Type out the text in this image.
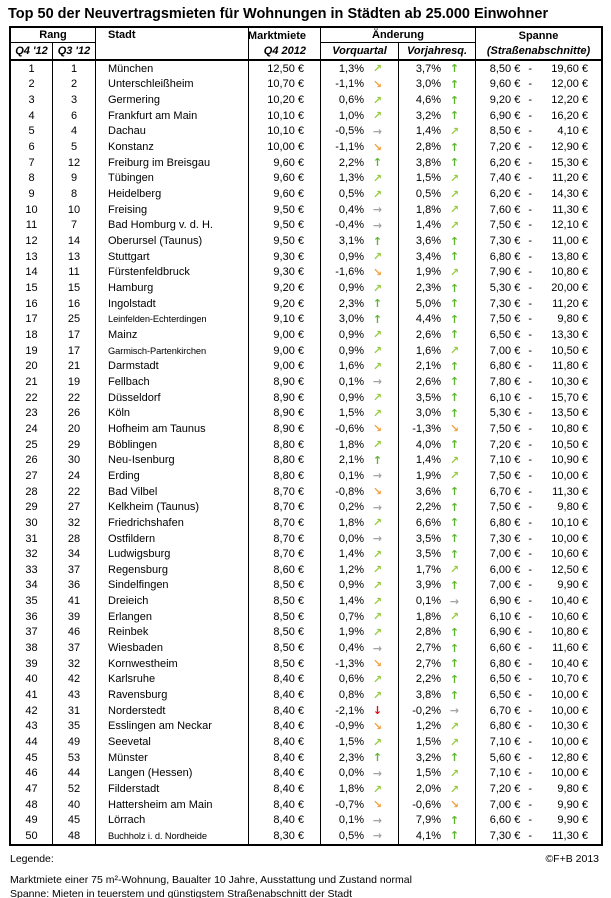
Top 50 der Neuvertragsmieten für Wohnungen in Städten ab 25.000 Einwohner
Rang	Stadt	Marktmiete	Änderung	Spanne
Q4 '12 Q3 '12	Q4 2012	Vorquartal	Vorjahresq.	(Straßenabschnitte)
1	1	München	12,50 €	1,3% ↗	3,7% ↑	8,50 € -	19,60 €
2	2	Unterschleißheim	10,70 €	-1,1% ↘	3,0% ↑	9,60 € -	12,00 €
3	3	Germering	10,20 €	0,6% ↗	4,6% ↑	9,20 € -	12,20 €
4	6	Frankfurt am Main	10,10 €	1,0% ↗	3,2% ↑	6,90 € -	16,20 €
5	4	Dachau	10,10 €	-0,5% →	1,4% ↗	8,50 € -	4,10 €
6	5	Konstanz	10,00 €	-1,1% ↘	2,8% ↑	7,20 € -	12,90 €
7	12	Freiburg im Breisgau	9,60 €	2,2% ↑	3,8% ↑	6,20 € -	15,30 €
8	9	Tübingen	9,60 €	1,3% ↗	1,5% ↗	7,40 € -	11,20 €
9	8	Heidelberg	9,60 €	0,5% ↗	0,5% ↗	6,20 € -	14,30 €
10	10	Freising	9,50 €	0,4% →	1,8% ↗	7,60 € -	11,30 €
11	7	Bad Homburg v. d. H.	9,50 €	-0,4% →	1,4% ↗	7,50 € -	12,10 €
12	14	Oberursel (Taunus)	9,50 €	3,1% ↑	3,6% ↑	7,30 € -	11,00 €
13	13	Stuttgart	9,30 €	0,9% ↗	3,4% ↑	6,80 € -	13,80 €
14	11	Fürstenfeldbruck	9,30 €	-1,6% ↘	1,9% ↗	7,90 € -	10,80 €
15	15	Hamburg	9,20 €	0,9% ↗	2,3% ↑	5,30 € -	20,00 €
16	16	Ingolstadt	9,20 €	2,3% ↑	5,0% ↑	7,30 € -	11,20 €
17	25	Leinfelden-Echterdingen	9,10 €	3,0% ↑	4,4% ↑	7,50 € -	9,80 €
18	17	Mainz	9,00 €	0,9% ↗	2,6% ↑	6,50 € -	13,30 €
19	17	Garmisch-Partenkirchen	9,00 €	0,9% ↗	1,6% ↗	7,00 € -	10,50 €
20	21	Darmstadt	9,00 €	1,6% ↗	2,1% ↑	6,80 € -	11,80 €
21	19	Fellbach	8,90 €	0,1% →	2,6% ↑	7,80 € -	10,30 €
22	22	Düsseldorf	8,90 €	0,9% ↗	3,5% ↑	6,10 € -	15,70 €
23	26	Köln	8,90 €	1,5% ↗	3,0% ↑	5,30 € -	13,50 €
24	20	Hofheim am Taunus	8,90 €	-0,6% ↘	-1,3% ↘	7,50 € -	10,80 €
25	29	Böblingen	8,80 €	1,8% ↗	4,0% ↑	7,20 € -	10,50 €
26	30	Neu-Isenburg	8,80 €	2,1% ↑	1,4% ↗	7,10 € -	10,90 €
27	24	Erding	8,80 €	0,1% →	1,9% ↗	7,50 € -	10,00 €
28	22	Bad Vilbel	8,70 €	-0,8% ↘	3,6% ↑	6,70 € -	11,30 €
29	27	Kelkheim (Taunus)	8,70 €	0,2% →	2,2% ↑	7,50 € -	9,80 €
30	32	Friedrichshafen	8,70 €	1,8% ↗	6,6% ↑	6,80 € -	10,10 €
31	28	Ostfildern	8,70 €	0,0% →	3,5% ↑	7,30 € -	10,00 €
32	34	Ludwigsburg	8,70 €	1,4% ↗	3,5% ↑	7,00 € -	10,60 €
33	37	Regensburg	8,60 €	1,2% ↗	1,7% ↗	6,00 € -	12,50 €
34	36	Sindelfingen	8,50 €	0,9% ↗	3,9% ↑	7,00 € -	9,90 €
35	41	Dreieich	8,50 €	1,4% ↗	0,1% →	6,90 € -	10,40 €
36	39	Erlangen	8,50 €	0,7% ↗	1,8% ↗	6,10 € -	10,60 €
37	46	Reinbek	8,50 €	1,9% ↗	2,8% ↑	6,90 € -	10,80 €
38	37	Wiesbaden	8,50 €	0,4% →	2,7% ↑	6,60 € -	11,60 €
39	32	Kornwestheim	8,50 €	-1,3% ↘	2,7% ↑	6,80 € -	10,40 €
40	42	Karlsruhe	8,40 €	0,6% ↗	2,2% ↑	6,50 € -	10,70 €
41	43	Ravensburg	8,40 €	0,8% ↗	3,8% ↑	6,50 € -	10,00 €
42	31	Norderstedt	8,40 €	-2,1% ↓	-0,2% →	6,70 € -	10,00 €
43	35	Esslingen am Neckar	8,40 €	-0,9% ↘	1,2% ↗	6,80 € -	10,30 €
44	49	Seevetal	8,40 €	1,5% ↗	1,5% ↗	7,10 € -	10,00 €
45	53	Münster	8,40 €	2,3% ↑	3,2% ↑	5,60 € -	12,80 €
46	44	Langen (Hessen)	8,40 €	0,0% →	1,5% ↗	7,10 € -	10,00 €
47	52	Filderstadt	8,40 €	1,8% ↗	2,0% ↗	7,20 € -	9,80 €
48	40	Hattersheim am Main	8,40 €	-0,7% ↘	-0,6% ↘	7,00 € -	9,90 €
49	45	Lörrach	8,40 €	0,1% →	7,9% ↑	6,60 € -	9,90 €
50	48	Buchholz i. d. Nordheide	8,30 €	0,5% →	4,1% ↑	7,30 € -	11,30 €
Legende:	©F+B 2013
Marktmiete einer 75 m²-Wohnung, Baualter 10 Jahre, Ausstattung und Zustand normal
Spanne: Mieten in teuerstem und günstigstem Straßenabschnitt der Stadt
